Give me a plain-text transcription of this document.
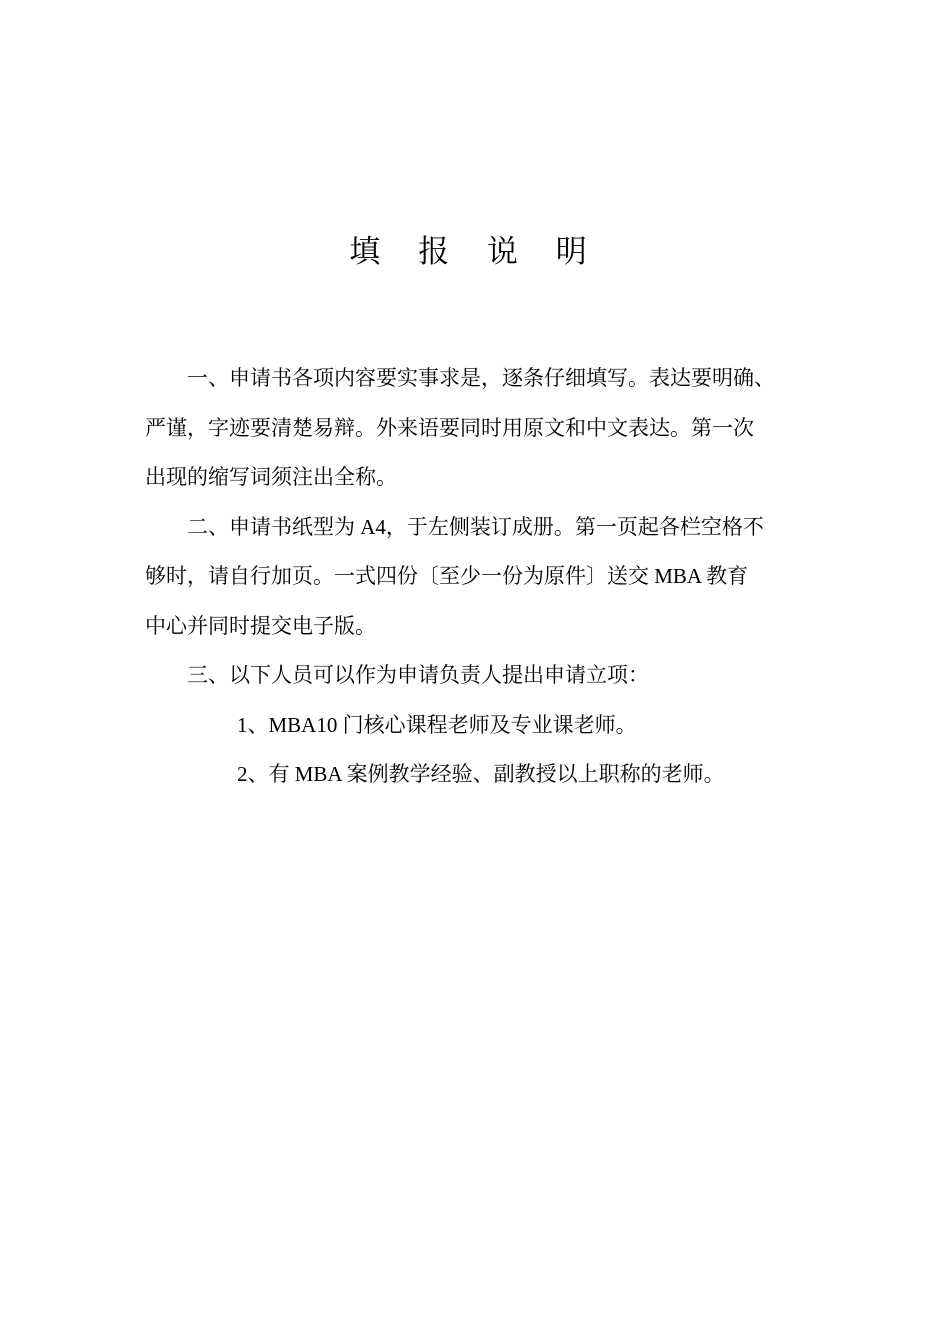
填 报 说 明

一、申请书各项内容要实事求是，逐条仔细填写。表达要明确、
严谨，字迹要清楚易辩。外来语要同时用原文和中文表达。第一次
出现的缩写词须注出全称。

二、申请书纸型为 A4，于左侧装订成册。第一页起各栏空格不
够时，请自行加页。一式四份〔至少一份为原件〕送交 MBA 教育
中心并同时提交电子版。

三、以下人员可以作为申请负责人提出申请立项：

1、MBA10 门核心课程老师及专业课老师。

2、有 MBA 案例教学经验、副教授以上职称的老师。
